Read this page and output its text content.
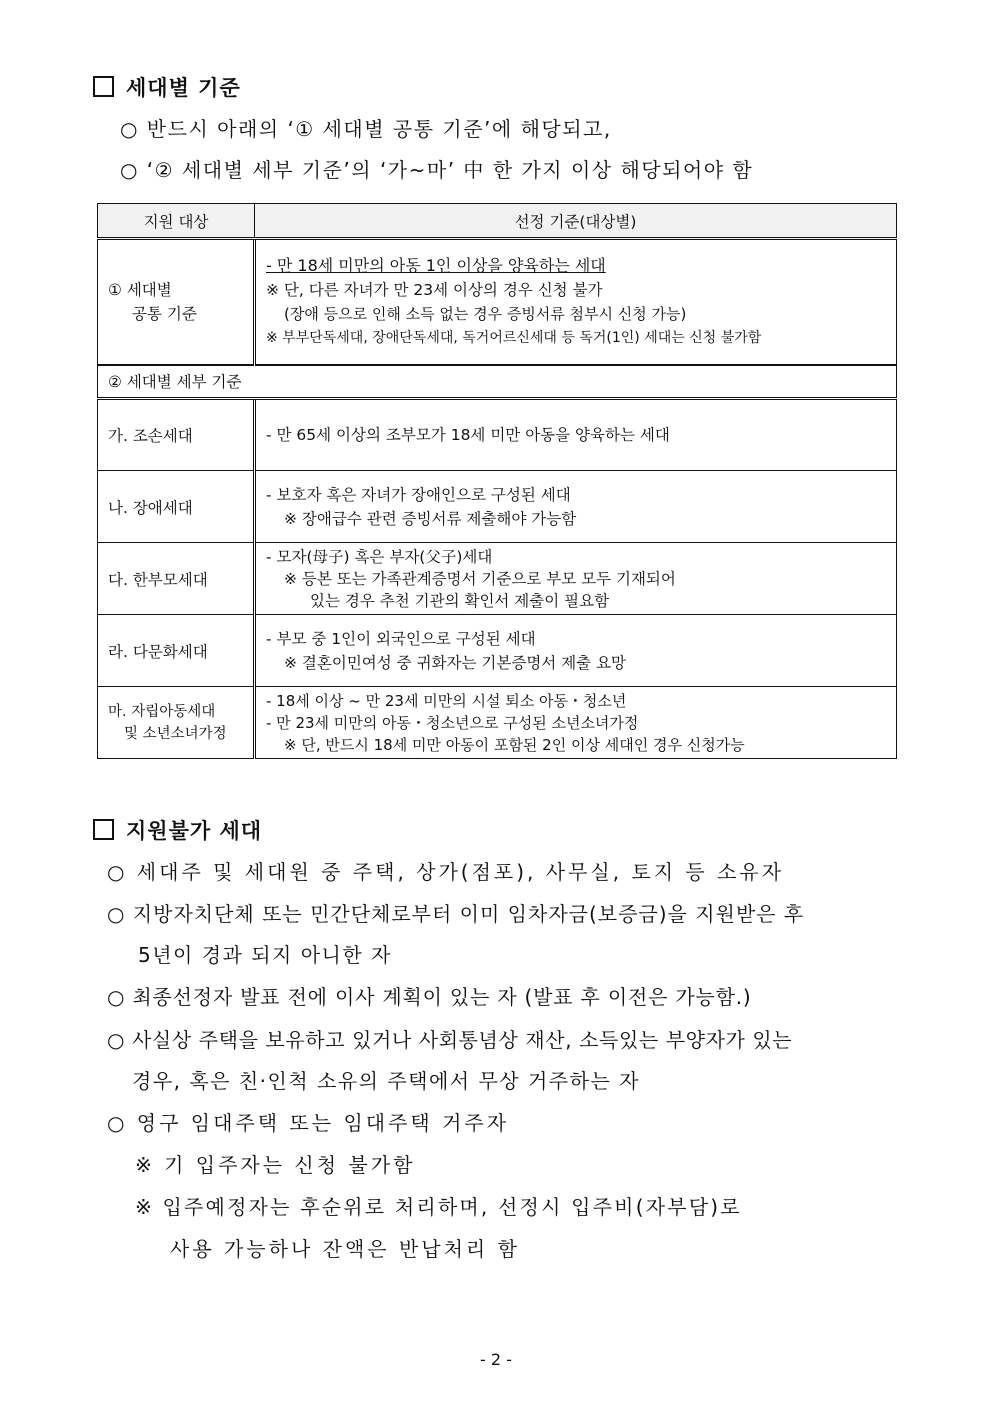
세대별 기준
○ 반드시 아래의 ‘① 세대별 공통 기준’에 해당되고,
○ ‘② 세대별 세부 기준’의 ‘가~마’ 中 한 가지 이상 해당되어야 함
지원 대상	선정 기준(대상별)

① 세대별
공통 기준	- 만 18세 미만의 아동 1인 이상을 양육하는 세대
※ 단, 다른 자녀가 만 23세 이상의 경우 신청 불가
(장애 등으로 인해 소득 없는 경우 증빙서류 첨부시 신청 가능)
※ 부부단독세대, 장애단독세대, 독거어르신세대 등 독거(1인) 세대는 신청 불가함

② 세대별 세부 기준	
가. 조손세대	- 만 65세 이상의 조부모가 18세 미만 아동을 양육하는 세대

나. 장애세대	- 보호자 혹은 자녀가 장애인으로 구성된 세대
※ 장애급수 관련 증빙서류 제출해야 가능함

다. 한부모세대	- 모자(母子) 혹은 부자(父子)세대
※ 등본 또는 가족관계증명서 기준으로 부모 모두 기재되어
있는 경우 추천 기관의 확인서 제출이 필요함

라. 다문화세대	- 부모 중 1인이 외국인으로 구성된 세대
※ 결혼이민여성 중 귀화자는 기본증명서 제출 요망

마. 자립아동세대
및 소년소녀가정	- 18세 이상 ~ 만 23세 미만의 시설 퇴소 아동・청소년
- 만 23세 미만의 아동・청소년으로 구성된 소년소녀가정
※ 단, 반드시 18세 미만 아동이 포함된 2인 이상 세대인 경우 신청가능
지원불가 세대
○ 세대주 및 세대원 중 주택, 상가(점포), 사무실, 토지 등 소유자
○ 지방자치단체 또는 민간단체로부터 이미 임차자금(보증금)을 지원받은 후
5년이 경과 되지 아니한 자
○ 최종선정자 발표 전에 이사 계획이 있는 자 (발표 후 이전은 가능함.)
○ 사실상 주택을 보유하고 있거나 사회통념상 재산, 소득있는 부양자가 있는
경우, 혹은 친·인척 소유의 주택에서 무상 거주하는 자
○ 영구 임대주택 또는 임대주택 거주자
※ 기 입주자는 신청 불가함
※ 입주예정자는 후순위로 처리하며, 선정시 입주비(자부담)로
사용 가능하나 잔액은 반납처리 함
- 2 -
